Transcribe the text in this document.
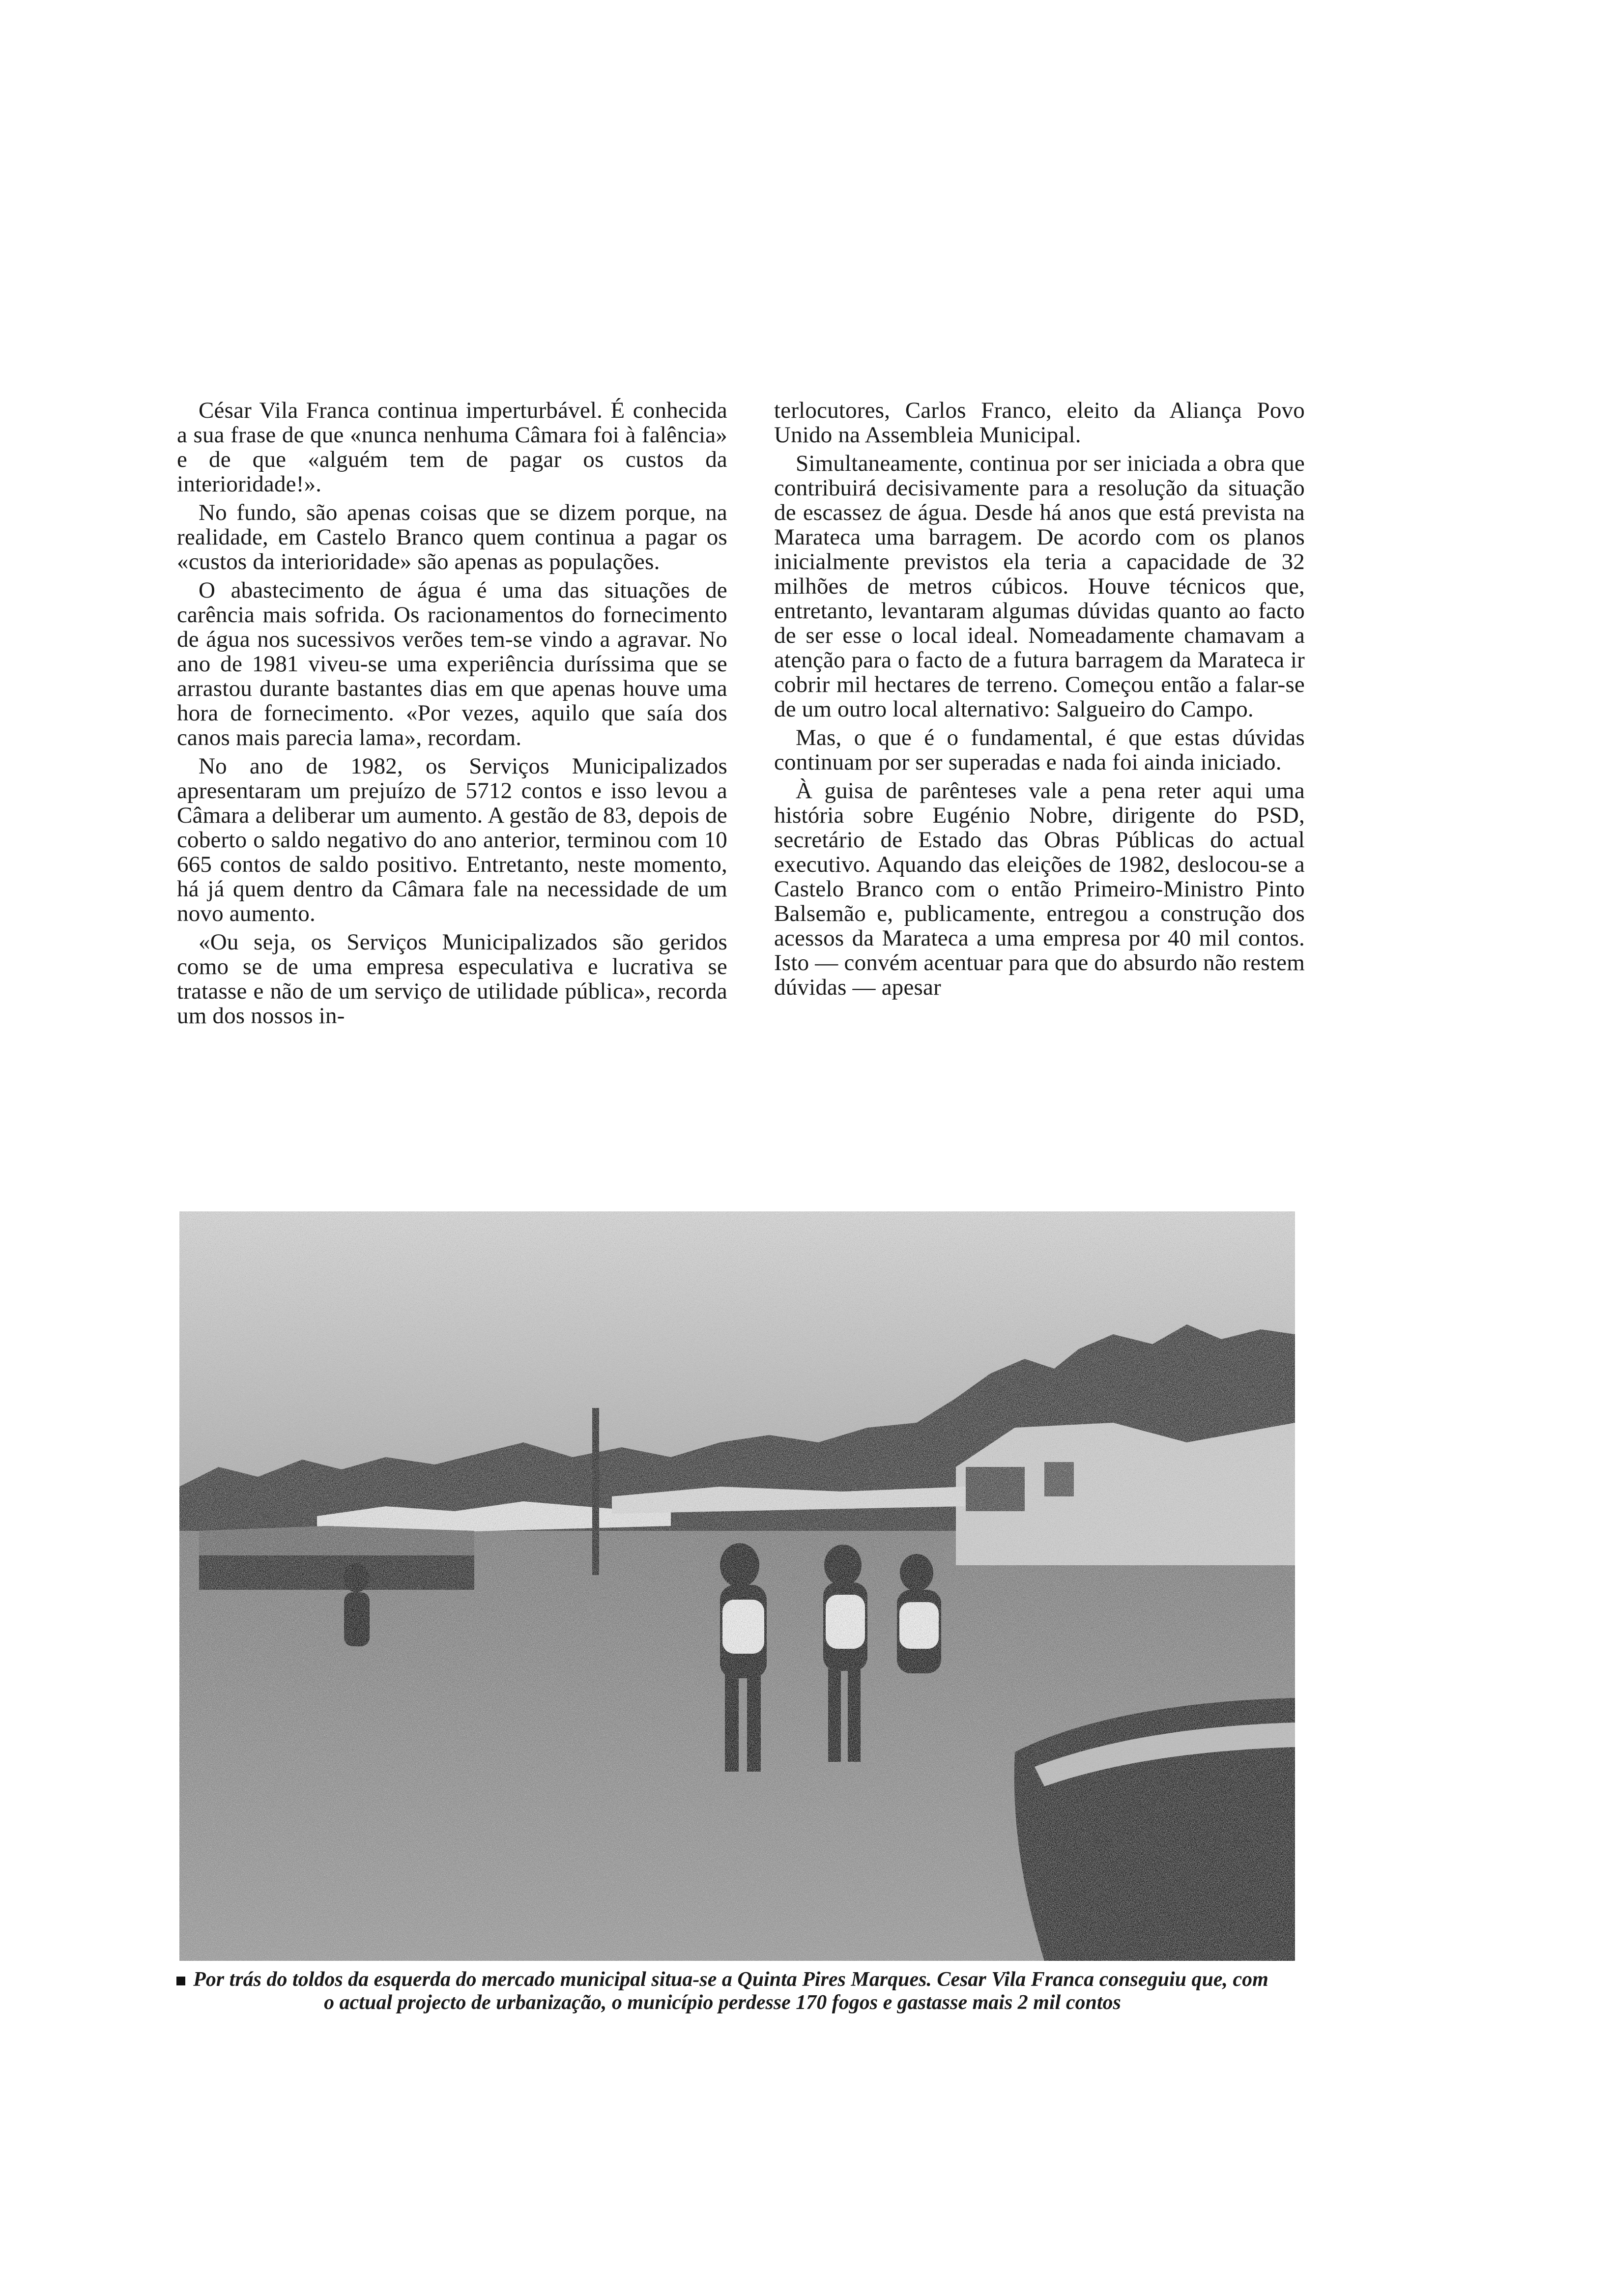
César Vila Franca continua imperturbável. É conhecida a sua frase de que «nunca nenhuma Câmara foi à falência» e de que «alguém tem de pagar os custos da interioridade!».

No fundo, são apenas coisas que se dizem porque, na realidade, em Castelo Branco quem continua a pagar os «custos da interioridade» são apenas as populações.

O abastecimento de água é uma das situações de carência mais sofrida. Os racionamentos do fornecimento de água nos sucessivos verões tem-se vindo a agravar. No ano de 1981 viveu-se uma experiência duríssima que se arrastou durante bastantes dias em que apenas houve uma hora de fornecimento. «Por vezes, aquilo que saía dos canos mais parecia lama», recordam.

No ano de 1982, os Serviços Municipalizados apresentaram um prejuízo de 5712 contos e isso levou a Câmara a deliberar um aumento. A gestão de 83, depois de coberto o saldo negativo do ano anterior, terminou com 10 665 contos de saldo positivo. Entretanto, neste momento, há já quem dentro da Câmara fale na necessidade de um novo aumento.

«Ou seja, os Serviços Municipalizados são geridos como se de uma empresa especulativa e lucrativa se tratasse e não de um serviço de utilidade pública», recorda um dos nossos in-

terlocutores, Carlos Franco, eleito da Aliança Povo Unido na Assembleia Municipal.

Simultaneamente, continua por ser iniciada a obra que contribuirá decisivamente para a resolução da situação de escassez de água. Desde há anos que está prevista na Marateca uma barragem. De acordo com os planos inicialmente previstos ela teria a capacidade de 32 milhões de metros cúbicos. Houve técnicos que, entretanto, levantaram algumas dúvidas quanto ao facto de ser esse o local ideal. Nomeadamente chamavam a atenção para o facto de a futura barragem da Marateca ir cobrir mil hectares de terreno. Começou então a falar-se de um outro local alternativo: Salgueiro do Campo.

Mas, o que é o fundamental, é que estas dúvidas continuam por ser superadas e nada foi ainda iniciado.

À guisa de parênteses vale a pena reter aqui uma história sobre Eugénio Nobre, dirigente do PSD, secretário de Estado das Obras Públicas do actual executivo. Aquando das eleições de 1982, deslocou-se a Castelo Branco com o então Primeiro-Ministro Pinto Balsemão e, publicamente, entregou a construção dos acessos da Marateca a uma empresa por 40 mil contos. Isto — convém acentuar para que do absurdo não restem dúvidas — apesar

Por trás do toldos da esquerda do mercado municipal situa-se a Quinta Pires Marques. Cesar Vila Franca conseguiu que, com o actual projecto de urbanização, o município perdesse 170 fogos e gastasse mais 2 mil contos
